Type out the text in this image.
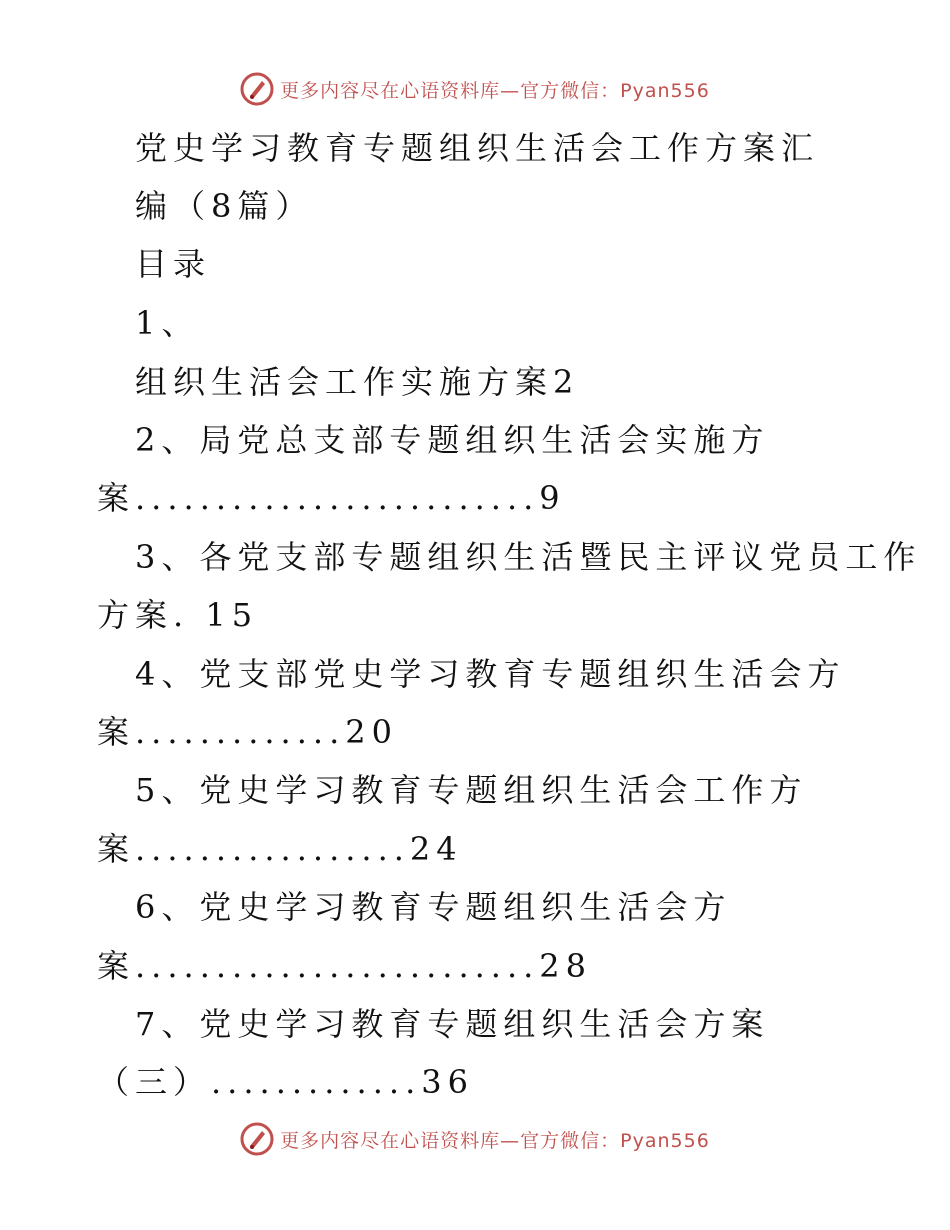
更多内容尽在心语资料库—官方微信：Pyan556
党史学习教育专题组织生活会工作方案汇
编（8篇）
目录
1、
组织生活会工作实施方案2
2、局党总支部专题组织生活会实施方
案.........................9
3、各党支部专题组织生活暨民主评议党员工作
方案. 15
4、党支部党史学习教育专题组织生活会方
案.............20
5、党史学习教育专题组织生活会工作方
案.................24
6、党史学习教育专题组织生活会方
案.........................28
7、党史学习教育专题组织生活会方案
（三）.............36
更多内容尽在心语资料库—官方微信：Pyan556
